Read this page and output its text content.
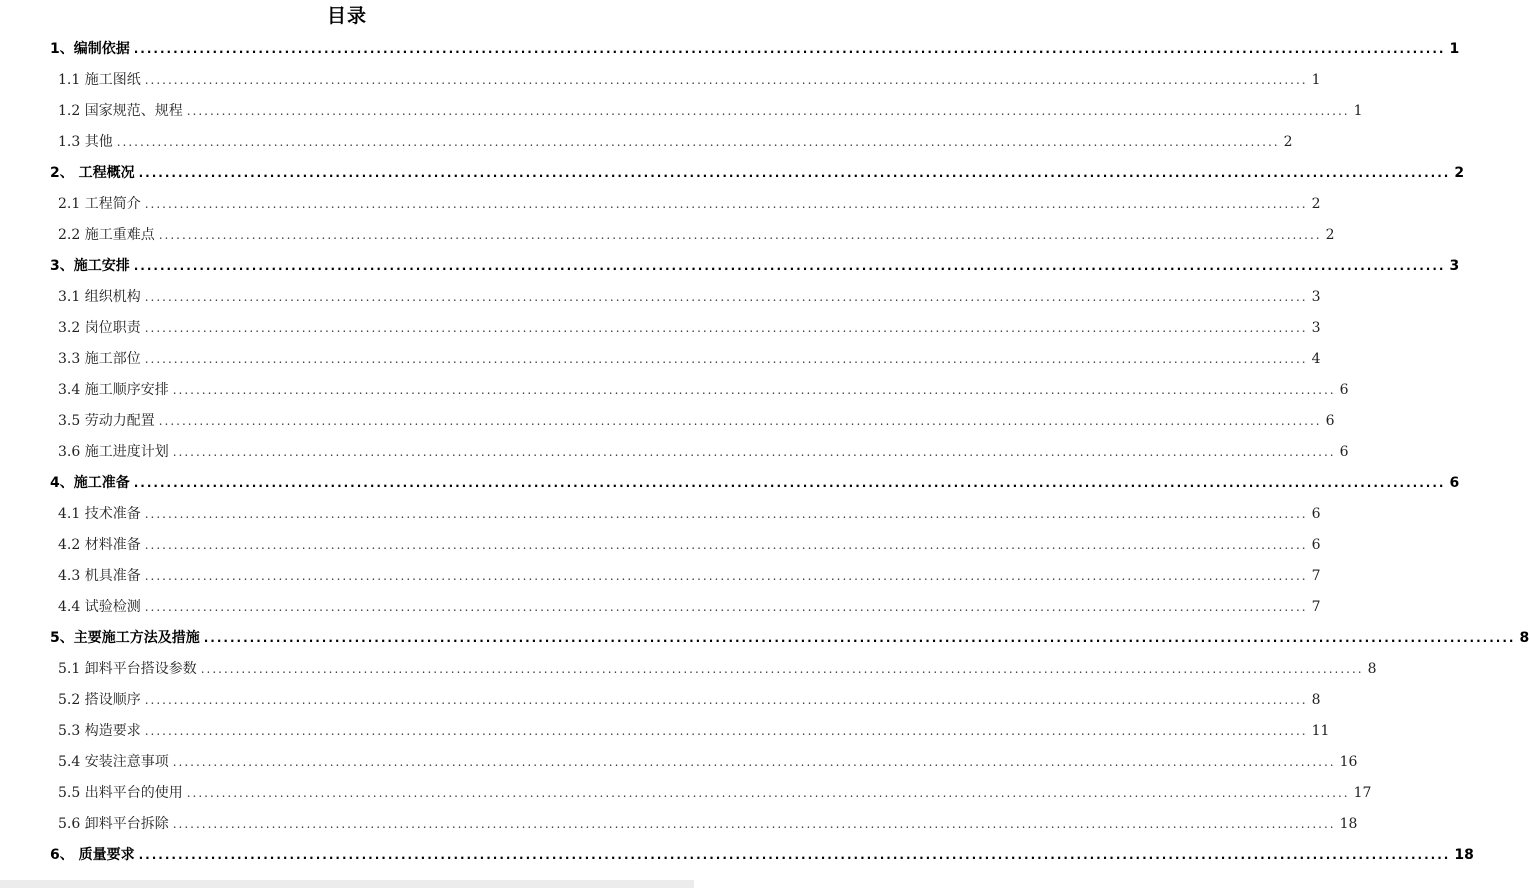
目录
1、编制依据 ........................................................................................................................................................................................................ 1
1.1 施工图纸 ........................................................................................................................................................................................................ 1
1.2 国家规范、规程 ........................................................................................................................................................................................................ 1
1.3 其他 ........................................................................................................................................................................................................ 2
2、 工程概况 ........................................................................................................................................................................................................ 2
2.1 工程简介 ........................................................................................................................................................................................................ 2
2.2 施工重难点 ........................................................................................................................................................................................................ 2
3、施工安排 ........................................................................................................................................................................................................ 3
3.1 组织机构 ........................................................................................................................................................................................................ 3
3.2 岗位职责 ........................................................................................................................................................................................................ 3
3.3 施工部位 ........................................................................................................................................................................................................ 4
3.4 施工顺序安排 ........................................................................................................................................................................................................ 6
3.5 劳动力配置 ........................................................................................................................................................................................................ 6
3.6 施工进度计划 ........................................................................................................................................................................................................ 6
4、施工准备 ........................................................................................................................................................................................................ 6
4.1 技术准备 ........................................................................................................................................................................................................ 6
4.2 材料准备 ........................................................................................................................................................................................................ 6
4.3 机具准备 ........................................................................................................................................................................................................ 7
4.4 试验检测 ........................................................................................................................................................................................................ 7
5、主要施工方法及措施 ........................................................................................................................................................................................................ 8
5.1 卸料平台搭设参数 ........................................................................................................................................................................................................ 8
5.2 搭设顺序 ........................................................................................................................................................................................................ 8
5.3 构造要求 ........................................................................................................................................................................................................ 11
5.4 安装注意事项 ........................................................................................................................................................................................................ 16
5.5 出料平台的使用 ........................................................................................................................................................................................................ 17
5.6 卸料平台拆除 ........................................................................................................................................................................................................ 18
6、 质量要求 ........................................................................................................................................................................................................ 18
